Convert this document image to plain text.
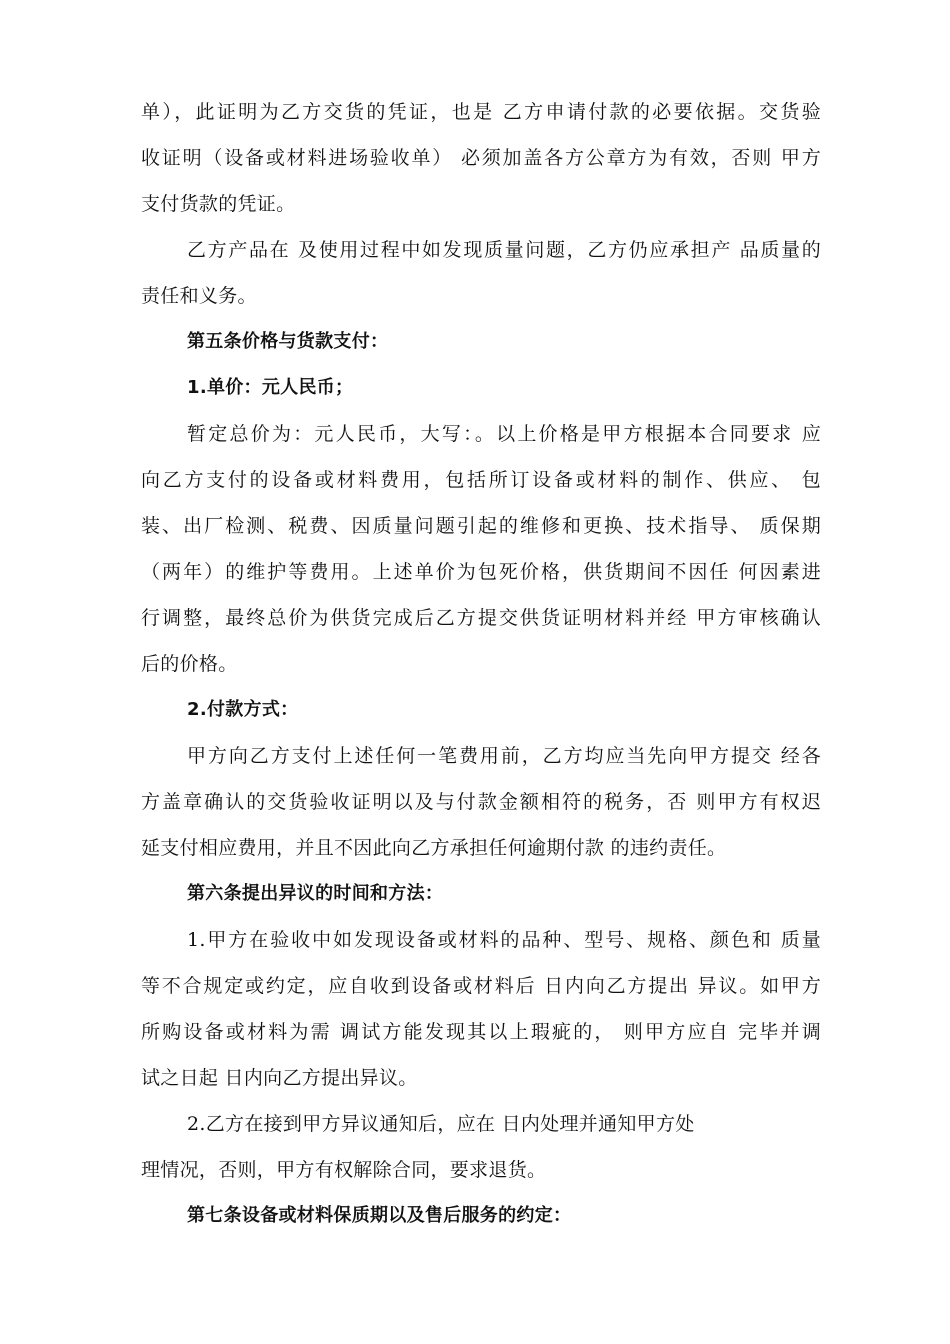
单），此证明为乙方交货的凭证，也是 乙方申请付款的必要依据。交货验
收证明（设备或材料进场验收单） 必须加盖各方公章方为有效，否则 甲方
支付货款的凭证。
乙方产品在 及使用过程中如发现质量问题，乙方仍应承担产 品质量的
责任和义务。
第五条价格与货款支付：
1.单价：元人民币；
暂定总价为：元人民币，大写：。以上价格是甲方根据本合同要求 应
向乙方支付的设备或材料费用，包括所订设备或材料的制作、供应、 包
装、出厂检测、税费、因质量问题引起的维修和更换、技术指导、 质保期
（两年）的维护等费用。上述单价为包死价格，供货期间不因任 何因素进
行调整，最终总价为供货完成后乙方提交供货证明材料并经 甲方审核确认
后的价格。
2.付款方式：
甲方向乙方支付上述任何一笔费用前，乙方均应当先向甲方提交 经各
方盖章确认的交货验收证明以及与付款金额相符的税务，否 则甲方有权迟
延支付相应费用，并且不因此向乙方承担任何逾期付款 的违约责任。
第六条提出异议的时间和方法：
1.甲方在验收中如发现设备或材料的品种、型号、规格、颜色和 质量
等不合规定或约定，应自收到设备或材料后 日内向乙方提出 异议。如甲方
所购设备或材料为需 调试方能发现其以上瑕疵的， 则甲方应自 完毕并调
试之日起 日内向乙方提出异议。
2.乙方在接到甲方异议通知后，应在 日内处理并通知甲方处
理情况，否则，甲方有权解除合同，要求退货。
第七条设备或材料保质期以及售后服务的约定：
